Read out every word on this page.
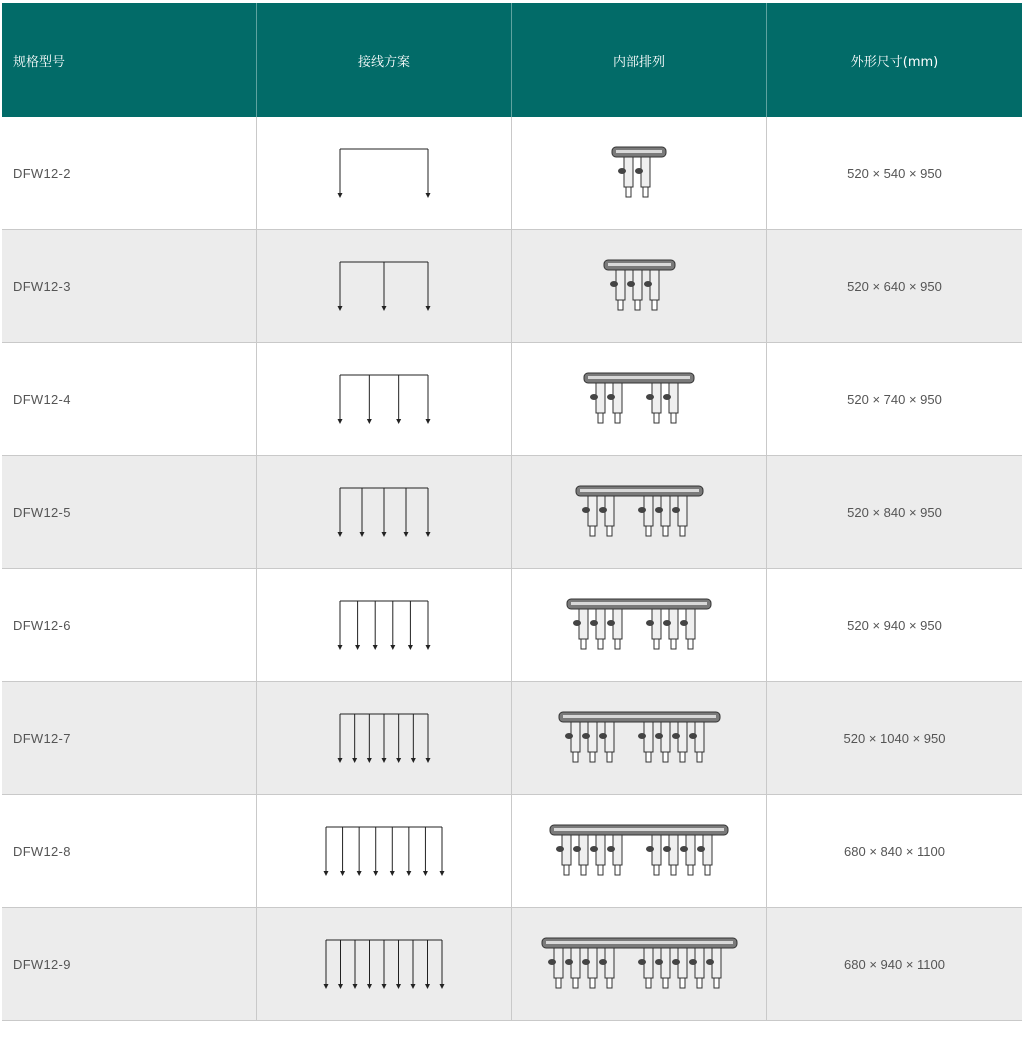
规格型号	接线方案	内部排列	外形尺寸(mm)
DFW12-2	520 × 540 × 950
DFW12-3	520 × 640 × 950
DFW12-4	520 × 740 × 950
DFW12-5	520 × 840 × 950
DFW12-6	520 × 940 × 950
DFW12-7	520 × 1040 × 950
DFW12-8	680 × 840 × 1100
DFW12-9	680 × 940 × 1100
